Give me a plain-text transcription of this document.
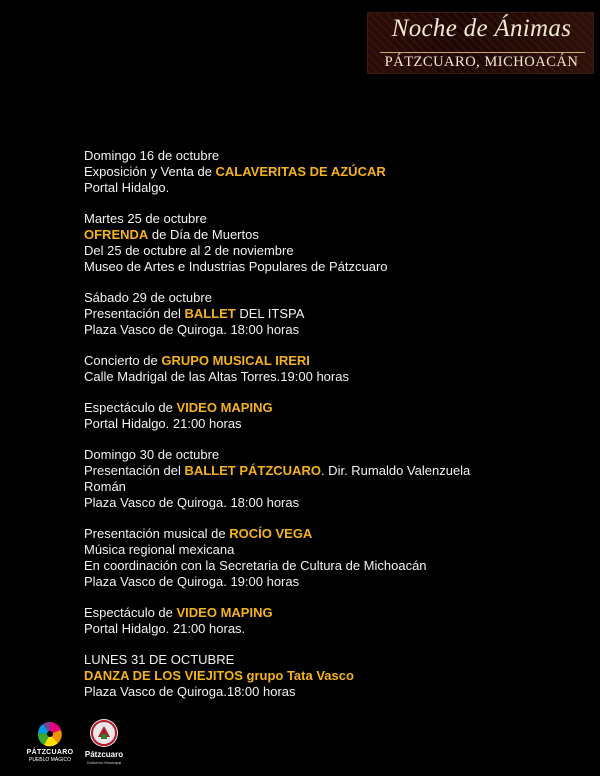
Noche de Ánimas
PÁTZCUARO, MICHOACÁN
Domingo 16 de octubre
Exposición y Venta de CALAVERITAS DE AZÚCAR
Portal Hidalgo.
Martes 25 de octubre
OFRENDA de Día de Muertos
Del 25 de octubre al 2 de noviembre
Museo de Artes e Industrias Populares de Pátzcuaro
Sábado 29 de octubre
Presentación del BALLET DEL ITSPA
Plaza Vasco de Quiroga. 18:00 horas
Concierto de GRUPO MUSICAL IRERI
Calle Madrigal de las Altas Torres.19:00 horas
Espectáculo de VIDEO MAPING
Portal Hidalgo. 21:00 horas
Domingo 30 de octubre
Presentación del BALLET PÁTZCUARO. Dir. Rumaldo Valenzuela
Román
Plaza Vasco de Quiroga. 18:00 horas
Presentación musical de ROCÍO VEGA
Música regional mexicana
En coordinación con la Secretaria de Cultura de Michoacán
Plaza Vasco de Quiroga. 19:00 horas
Espectáculo de VIDEO MAPING
Portal Hidalgo. 21:00 horas.
LUNES 31 DE OCTUBRE
DANZA DE LOS VIEJITOS grupo Tata Vasco
Plaza Vasco de Quiroga.18:00 horas
PÁTZCUARO
PUEBLO MÁGICO
Pátzcuaro
Gobierno Municipal
